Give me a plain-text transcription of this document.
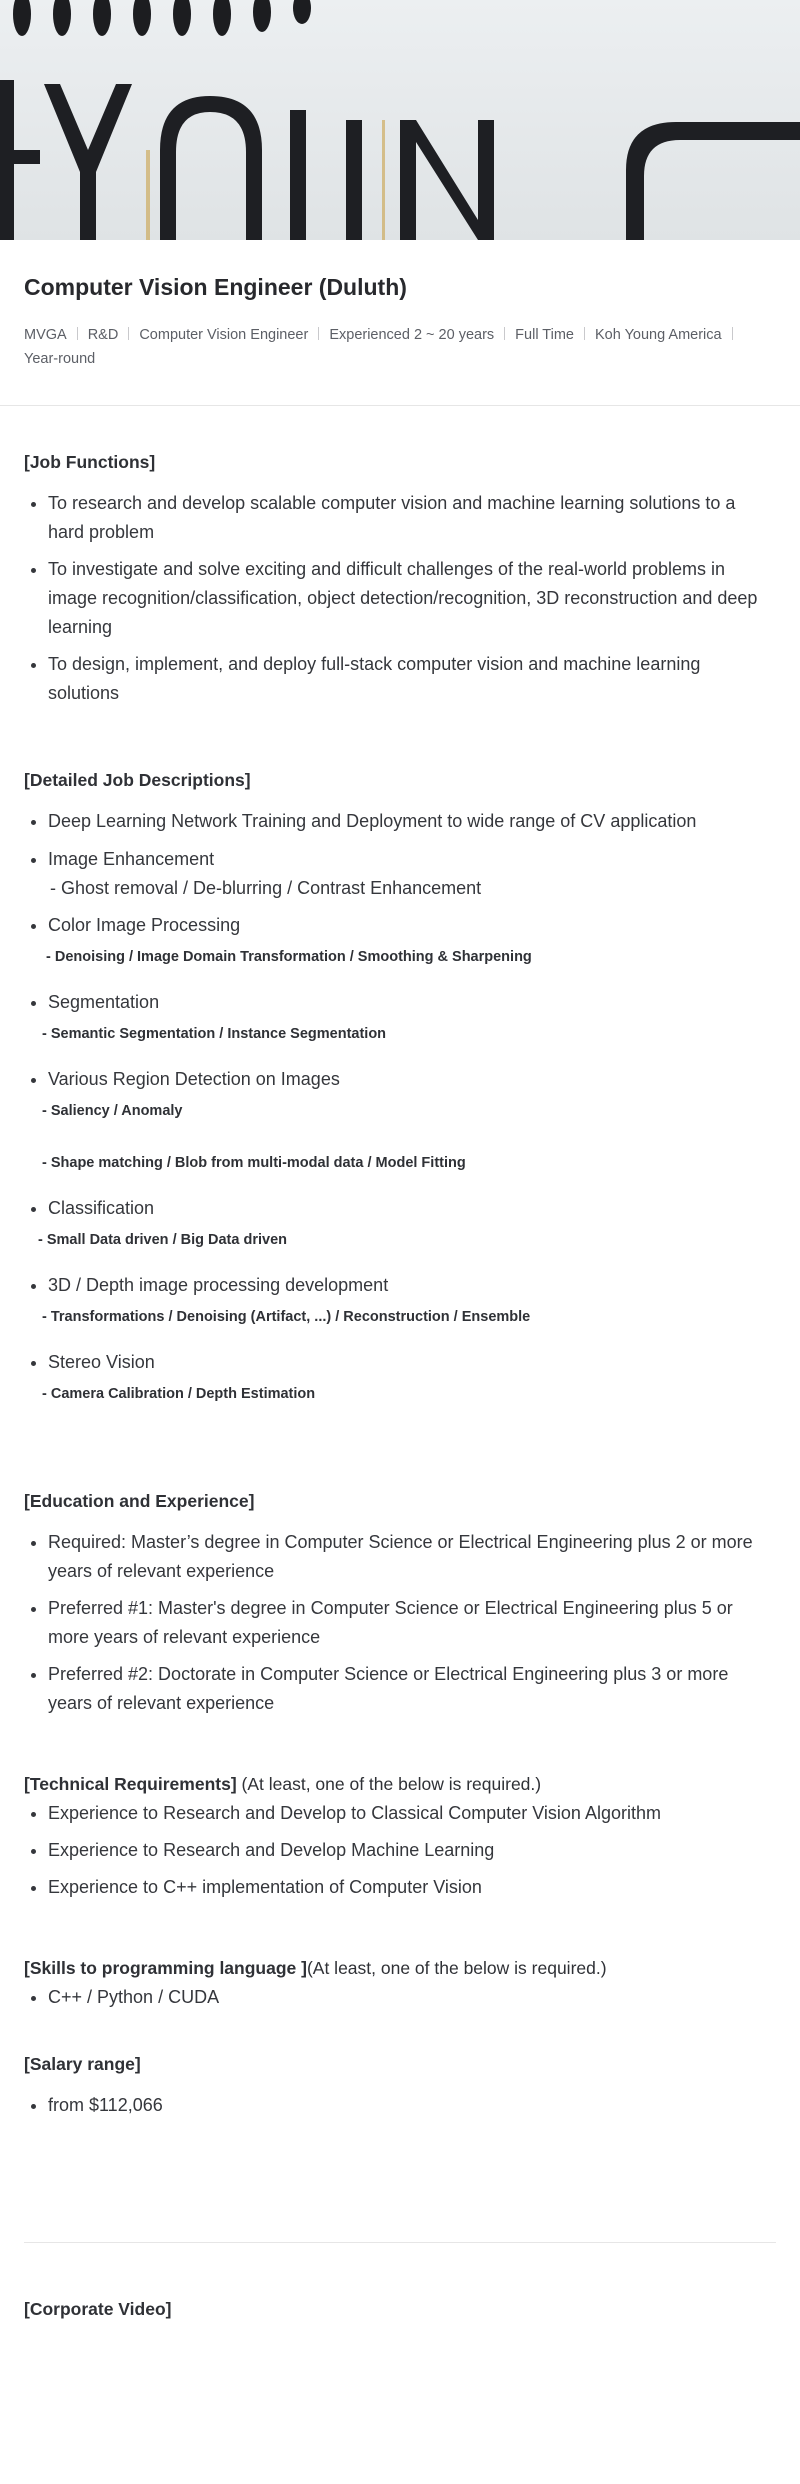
Computer Vision Engineer (Duluth)
MVGA R&D Computer Vision Engineer Experienced 2 ~ 20 years Full Time Koh Young America
Year-round
[Job Functions]
• To research and develop scalable computer vision and machine learning solutions to a hard problem
• To investigate and solve exciting and difficult challenges of the real-world problems in image recognition/classification, object detection/recognition, 3D reconstruction and deep learning
• To design, implement, and deploy full-stack computer vision and machine learning solutions
[Detailed Job Descriptions]
• Deep Learning Network Training and Deployment to wide range of CV application
• Image Enhancement
- Ghost removal / De-blurring / Contrast Enhancement
• Color Image Processing
- Denoising / Image Domain Transformation / Smoothing & Sharpening
• Segmentation
- Semantic Segmentation / Instance Segmentation
• Various Region Detection on Images
- Saliency / Anomaly
- Shape matching / Blob from multi-modal data / Model Fitting
• Classification
- Small Data driven / Big Data driven
• 3D / Depth image processing development
- Transformations / Denoising (Artifact, ...) / Reconstruction / Ensemble
• Stereo Vision
- Camera Calibration / Depth Estimation
[Education and Experience]
• Required: Master’s degree in Computer Science or Electrical Engineering plus 2 or more years of relevant experience
• Preferred #1: Master's degree in Computer Science or Electrical Engineering plus 5 or more years of relevant experience
• Preferred #2: Doctorate in Computer Science or Electrical Engineering plus 3 or more years of relevant experience
[Technical Requirements] (At least, one of the below is required.)
• Experience to Research and Develop to Classical Computer Vision Algorithm
• Experience to Research and Develop Machine Learning
• Experience to C++ implementation of Computer Vision
[Skills to programming language ](At least, one of the below is required.)
• C++ / Python / CUDA
[Salary range]
• from $112,066
[Corporate Video]
